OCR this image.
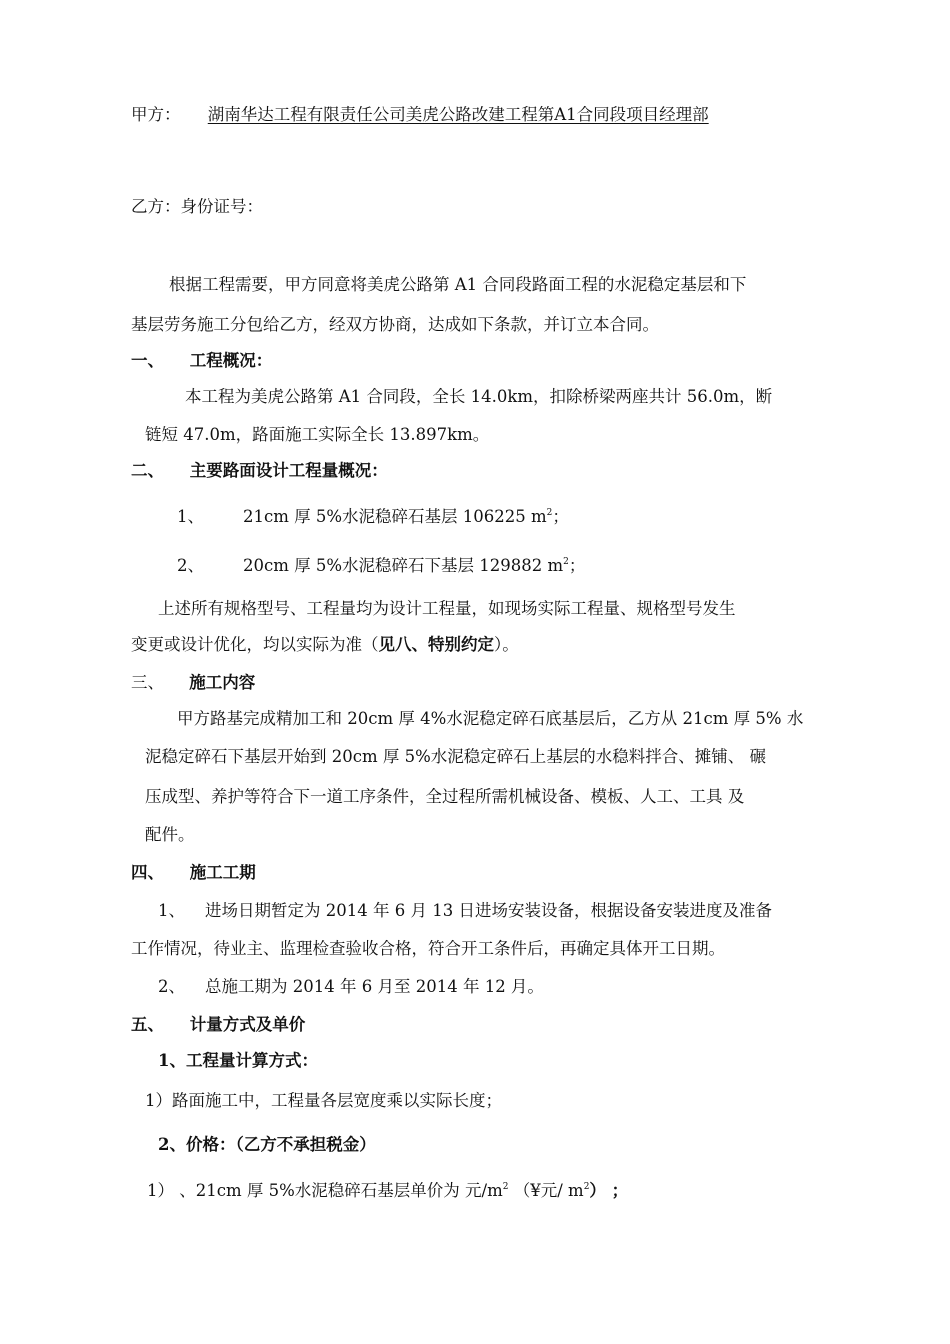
甲方： 湖南华达工程有限责任公司美虎公路改建工程第A1合同段项目经理部
乙方：身份证号：
根据工程需要，甲方同意将美虎公路第 A1 合同段路面工程的水泥稳定基层和下
基层劳务施工分包给乙方，经双方协商，达成如下条款，并订立本合同。
一、 工程概况：
本工程为美虎公路第 A1 合同段，全长 14.0km，扣除桥梁两座共计 56.0m，断
链短 47.0m，路面施工实际全长 13.897km。
二、 主要路面设计工程量概况：
1、 21cm 厚 5%水泥稳碎石基层 106225 $m^2$；
2、 20cm 厚 5%水泥稳碎石下基层 129882 $m^2$；
上述所有规格型号、工程量均为设计工程量，如现场实际工程量、规格型号发生
变更或设计优化，均以实际为准（见八、特别约定）。
三、 施工内容
甲方路基完成精加工和 20cm 厚 4%水泥稳定碎石底基层后，乙方从 21cm 厚 5% 水
泥稳定碎石下基层开始到 20cm 厚 5%水泥稳定碎石上基层的水稳料拌合、摊铺、 碾
压成型、养护等符合下一道工序条件，全过程所需机械设备、模板、人工、工具 及
配件。
四、 施工工期
1、 进场日期暂定为 2014 年 6 月 13 日进场安装设备，根据设备安装进度及准备
工作情况，待业主、监理检查验收合格，符合开工条件后，再确定具体开工日期。
2、 总施工期为 2014 年 6 月至 2014 年 12 月。
五、 计量方式及单价
1、工程量计算方式：
1）路面施工中，工程量各层宽度乘以实际长度；
2、价格：（乙方不承担税金）
1） 、21cm 厚 5%水泥稳碎石基层单价为 元$/m^2$ （¥元/ $m^2$） ；
